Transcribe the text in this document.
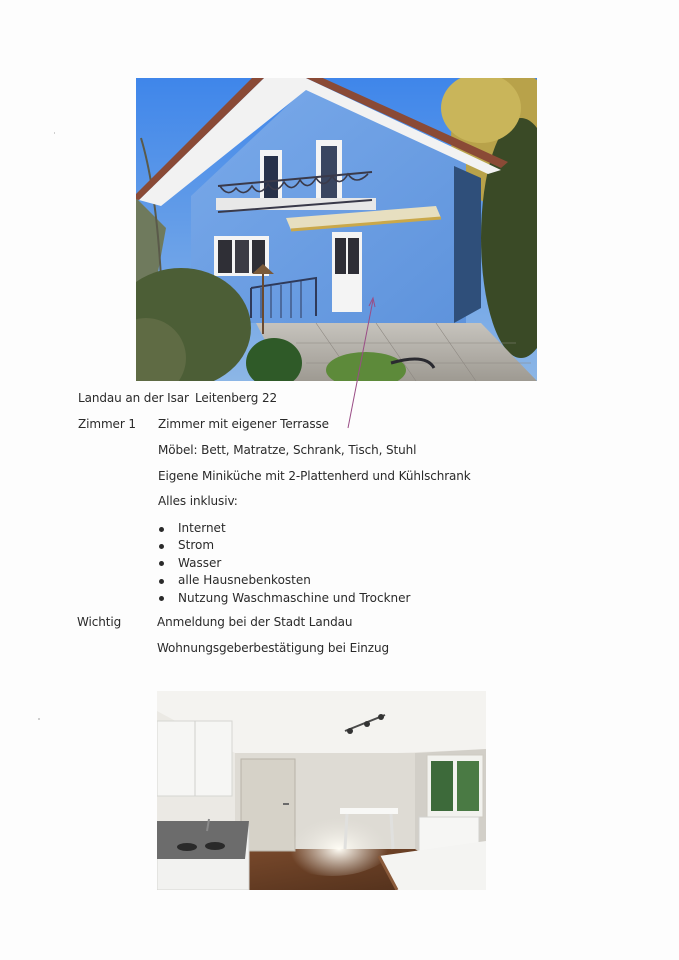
Landau an der Isar Leitenberg 22
Zimmer 1 Zimmer mit eigener Terrasse
Möbel: Bett, Matratze, Schrank, Tisch, Stuhl
Eigene Miniküche mit 2-Plattenherd und Kühlschrank
Alles inklusiv:
Internet
Strom
Wasser
alle Hausnebenkosten
Nutzung Waschmaschine und Trockner
Wichtig	Anmeldung bei der Stadt Landau
Wohnungsgeberbestätigung bei Einzug
